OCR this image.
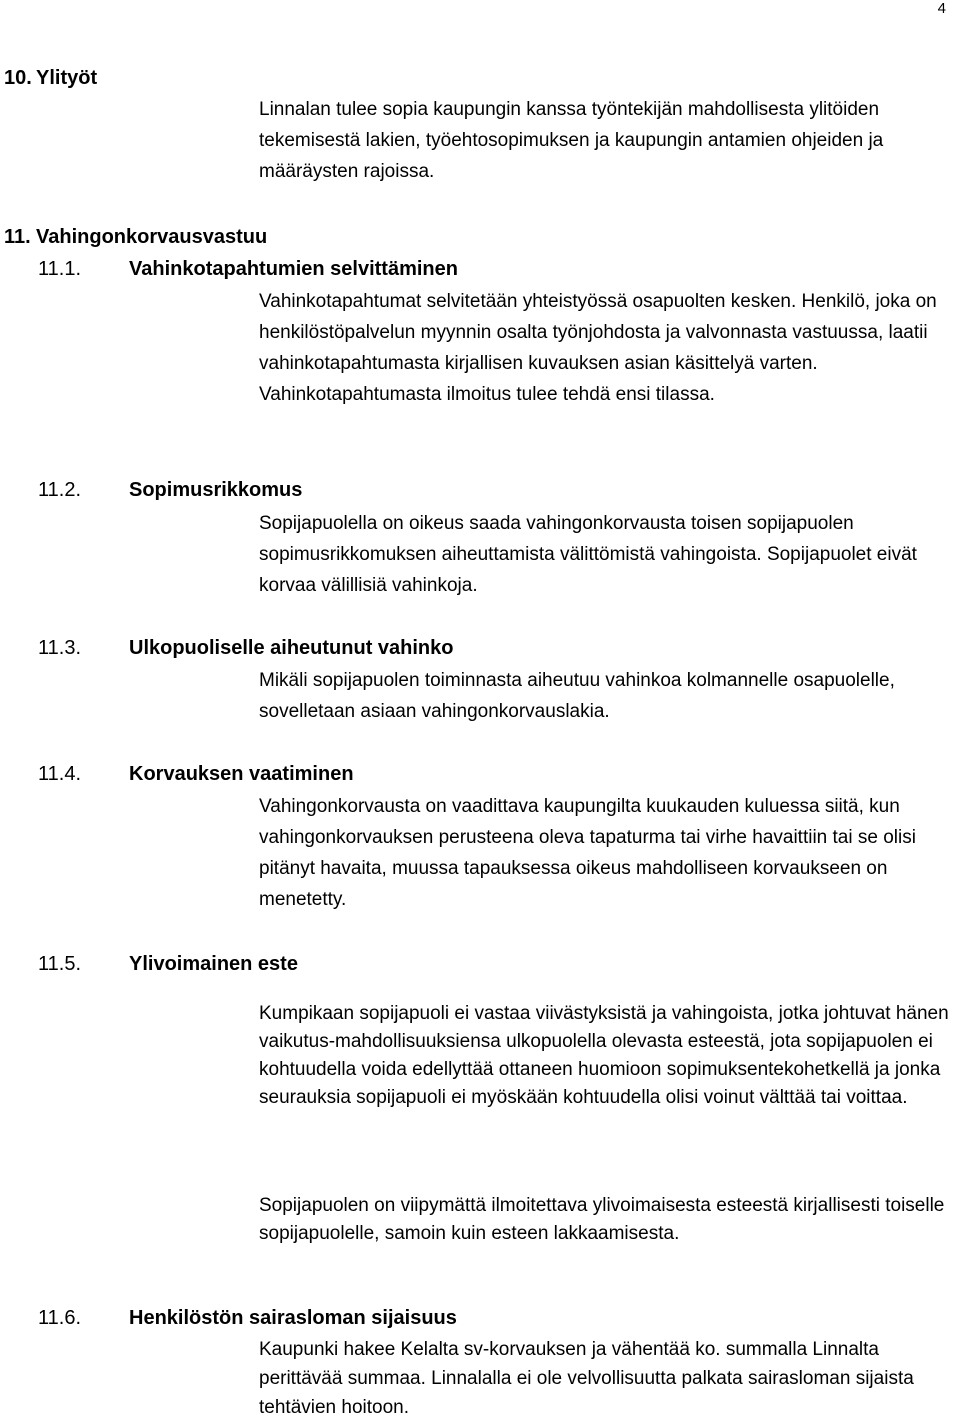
4
10. Ylityöt

Linnalan tulee sopia kaupungin kanssa työntekijän mahdollisesta ylitöiden tekemisestä lakien, työehtosopimuksen ja kaupungin antamien ohjeiden ja määräysten rajoissa.

11. Vahingonkorvausvastuu
11.1.	Vahinkotapahtumien selvittäminen

Vahinkotapahtumat selvitetään yhteistyössä osapuolten kesken. Henkilö, joka on henkilöstöpalvelun myynnin osalta työnjohdosta ja valvonnasta vastuussa, laatii vahinkotapahtumasta kirjallisen kuvauksen asian käsittelyä varten. Vahinkotapahtumasta ilmoitus tulee tehdä ensi tilassa.

11.2.	Sopimusrikkomus

Sopijapuolella on oikeus saada vahingonkorvausta toisen sopijapuolen sopimusrikkomuksen aiheuttamista välittömistä vahingoista. Sopijapuolet eivät korvaa välillisiä vahinkoja.

11.3.	Ulkopuoliselle aiheutunut vahinko

Mikäli sopijapuolen toiminnasta aiheutuu vahinkoa kolmannelle osapuolelle, sovelletaan asiaan vahingonkorvauslakia.

11.4.	Korvauksen vaatiminen

Vahingonkorvausta on vaadittava kaupungilta kuukauden kuluessa siitä, kun vahingonkorvauksen perusteena oleva tapaturma tai virhe havaittiin tai se olisi pitänyt havaita, muussa tapauksessa oikeus mahdolliseen korvaukseen on menetetty.

11.5.	Ylivoimainen este

Kumpikaan sopijapuoli ei vastaa viivästyksistä ja vahingoista, jotka johtuvat hänen vaikutus-mahdollisuuksiensa ulkopuolella olevasta esteestä, jota sopijapuolen ei kohtuudella voida edellyttää ottaneen huomioon sopimuksentekohetkellä ja jonka seurauksia sopijapuoli ei myöskään kohtuudella olisi voinut välttää tai voittaa.

Sopijapuolen on viipymättä ilmoitettava ylivoimaisesta esteestä kirjallisesti toiselle sopijapuolelle, samoin kuin esteen lakkaamisesta.

11.6.	Henkilöstön sairasloman sijaisuus

Kaupunki hakee Kelalta sv-korvauksen ja vähentää ko. summalla Linnalta perittävää summaa. Linnalalla ei ole velvollisuutta palkata sairasloman sijaista tehtävien hoitoon.
